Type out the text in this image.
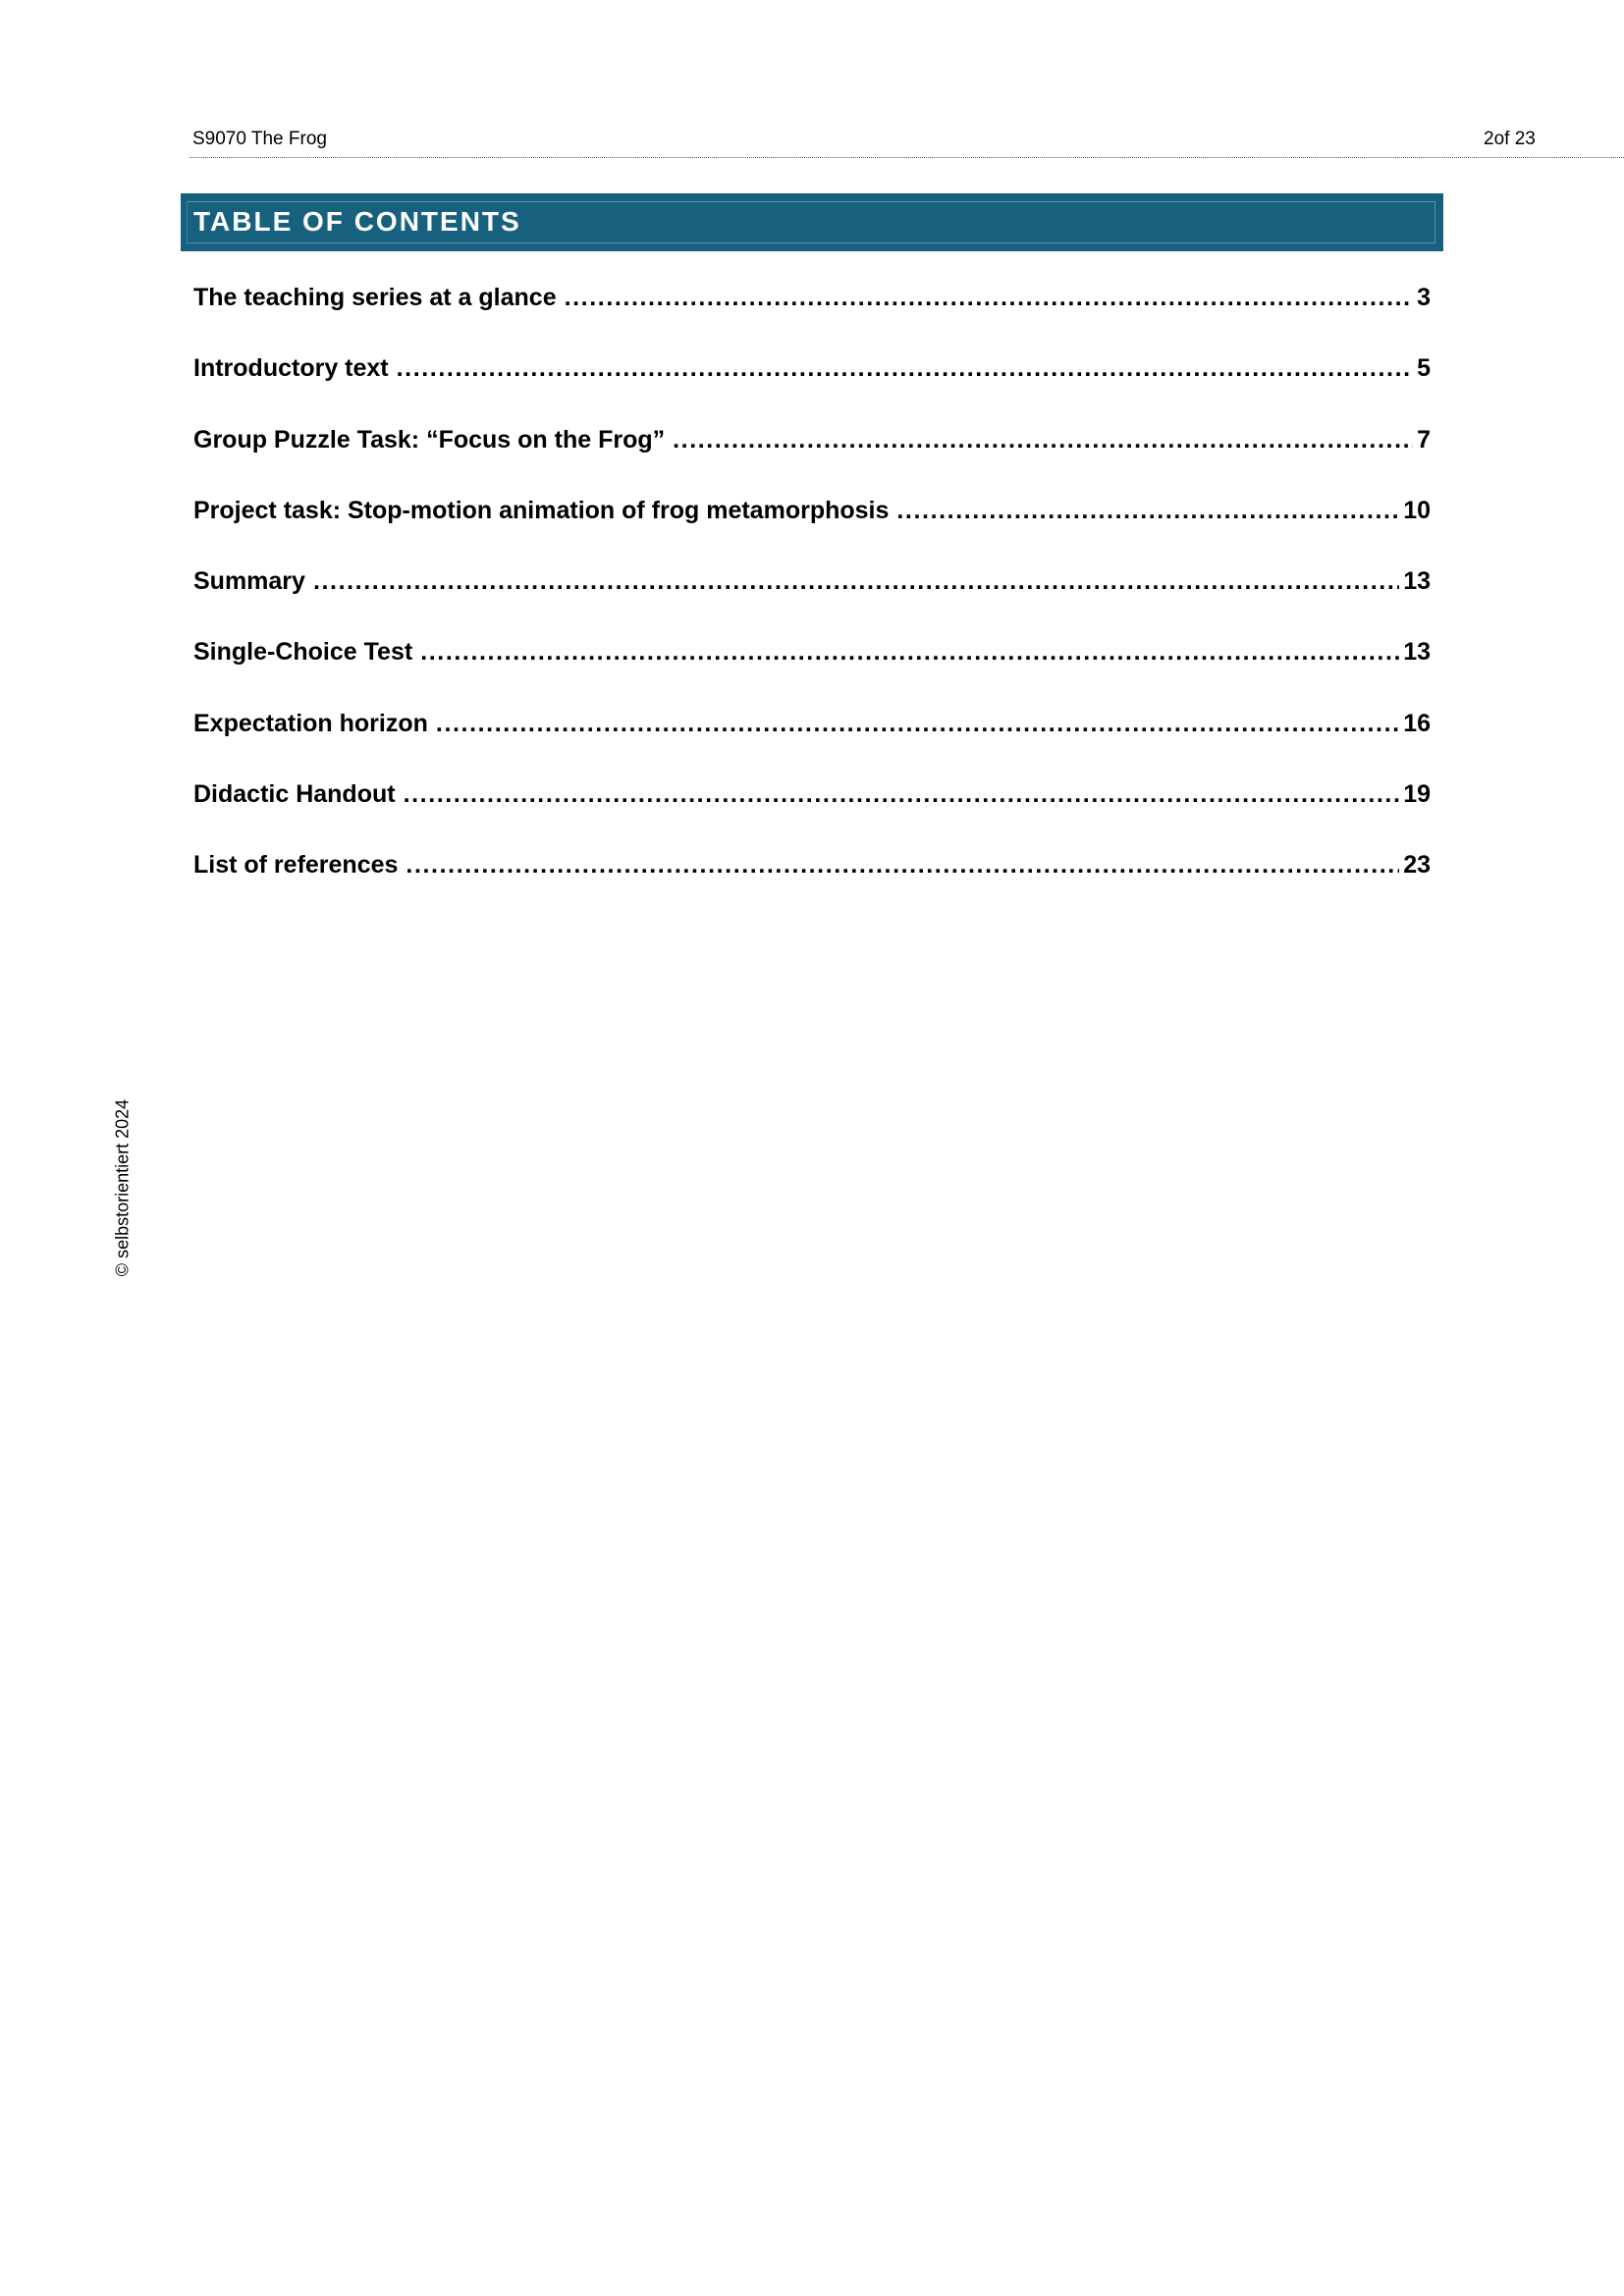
S9070 The Frog	2of 23
TABLE OF CONTENTS
The teaching series at a glance .....	3
Introductory text .....	5
Group Puzzle Task: “Focus on the Frog” .....	7
Project task: Stop-motion animation of frog metamorphosis .....	10
Summary .....	13
Single-Choice Test .....	13
Expectation horizon .....	16
Didactic Handout .....	19
List of references .....	23
© selbstorientiert 2024
